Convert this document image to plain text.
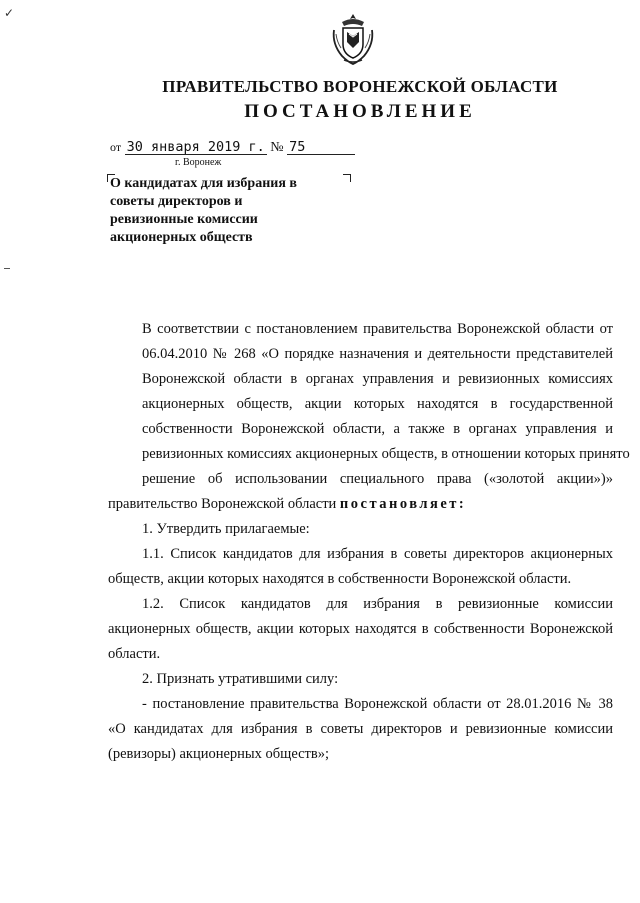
✓
ПРАВИТЕЛЬСТВО ВОРОНЕЖСКОЙ ОБЛАСТИ
ПОСТАНОВЛЕНИЕ
от 30 января 2019 г. № 75
г. Воронеж
О кандидатах для избрания в
советы директоров и
ревизионные комиссии
акционерных обществ

В соответствии с постановлением правительства Воронежской области от
06.04.2010 № 268 «О порядке назначения и деятельности представителей
Воронежской области в органах управления и ревизионных комиссиях
акционерных обществ, акции которых находятся в государственной
собственности Воронежской области, а также в органах управления и
ревизионных комиссиях акционерных обществ, в отношении которых принято
решение об использовании специального права («золотой акции»)»

правительство Воронежской области постановляет:

1. Утвердить прилагаемые:

1.1. Список кандидатов для избрания в советы директоров акционерных обществ, акции которых находятся в собственности Воронежской области.

1.2. Список кандидатов для избрания в ревизионные комиссии акционерных обществ, акции которых находятся в собственности Воронежской области.

2. Признать утратившими силу:

- постановление правительства Воронежской области от 28.01.2016 № 38 «О кандидатах для избрания в советы директоров и ревизионные комиссии (ревизоры) акционерных обществ»;
